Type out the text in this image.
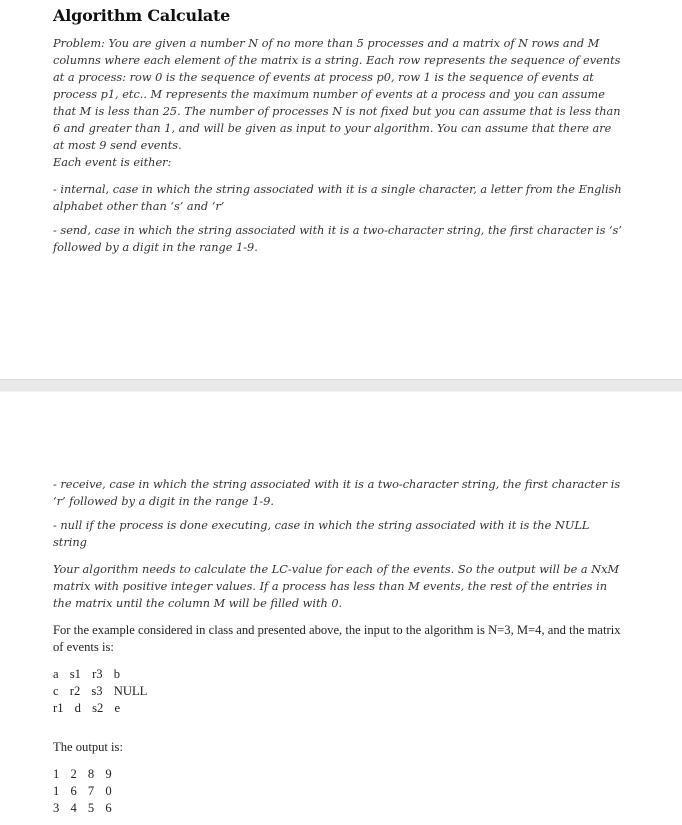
Algorithm Calculate

Problem: You are given a number N of no more than 5 processes and a matrix of N rows and M columns where each element of the matrix is a string. Each row represents the sequence of events at a process: row 0 is the sequence of events at process p0, row 1 is the sequence of events at process p1, etc.. M represents the maximum number of events at a process and you can assume that M is less than 25. The number of processes N is not fixed but you can assume that is less than 6 and greater than 1, and will be given as input to your algorithm. You can assume that there are at most 9 send events.

Each event is either:

- internal, case in which the string associated with it is a single character, a letter from the English alphabet other than ‘s’ and ‘r’

- send, case in which the string associated with it is a two-character string, the first character is ‘s’ followed by a digit in the range 1-9.

- receive, case in which the string associated with it is a two-character string, the first character is ‘r’ followed by a digit in the range 1-9.

- null if the process is done executing, case in which the string associated with it is the NULL string

Your algorithm needs to calculate the LC-value for each of the events. So the output will be a NxM matrix with positive integer values. If a process has less than M events, the rest of the entries in the matrix until the column M will be filled with 0.

For the example considered in class and presented above, the input to the algorithm is N=3, M=4, and the matrix of events is:

a s1 r3 b
c r2 s3 NULL
r1 d s2 e

The output is:

1 2 8 9
1 6 7 0
3 4 5 6
